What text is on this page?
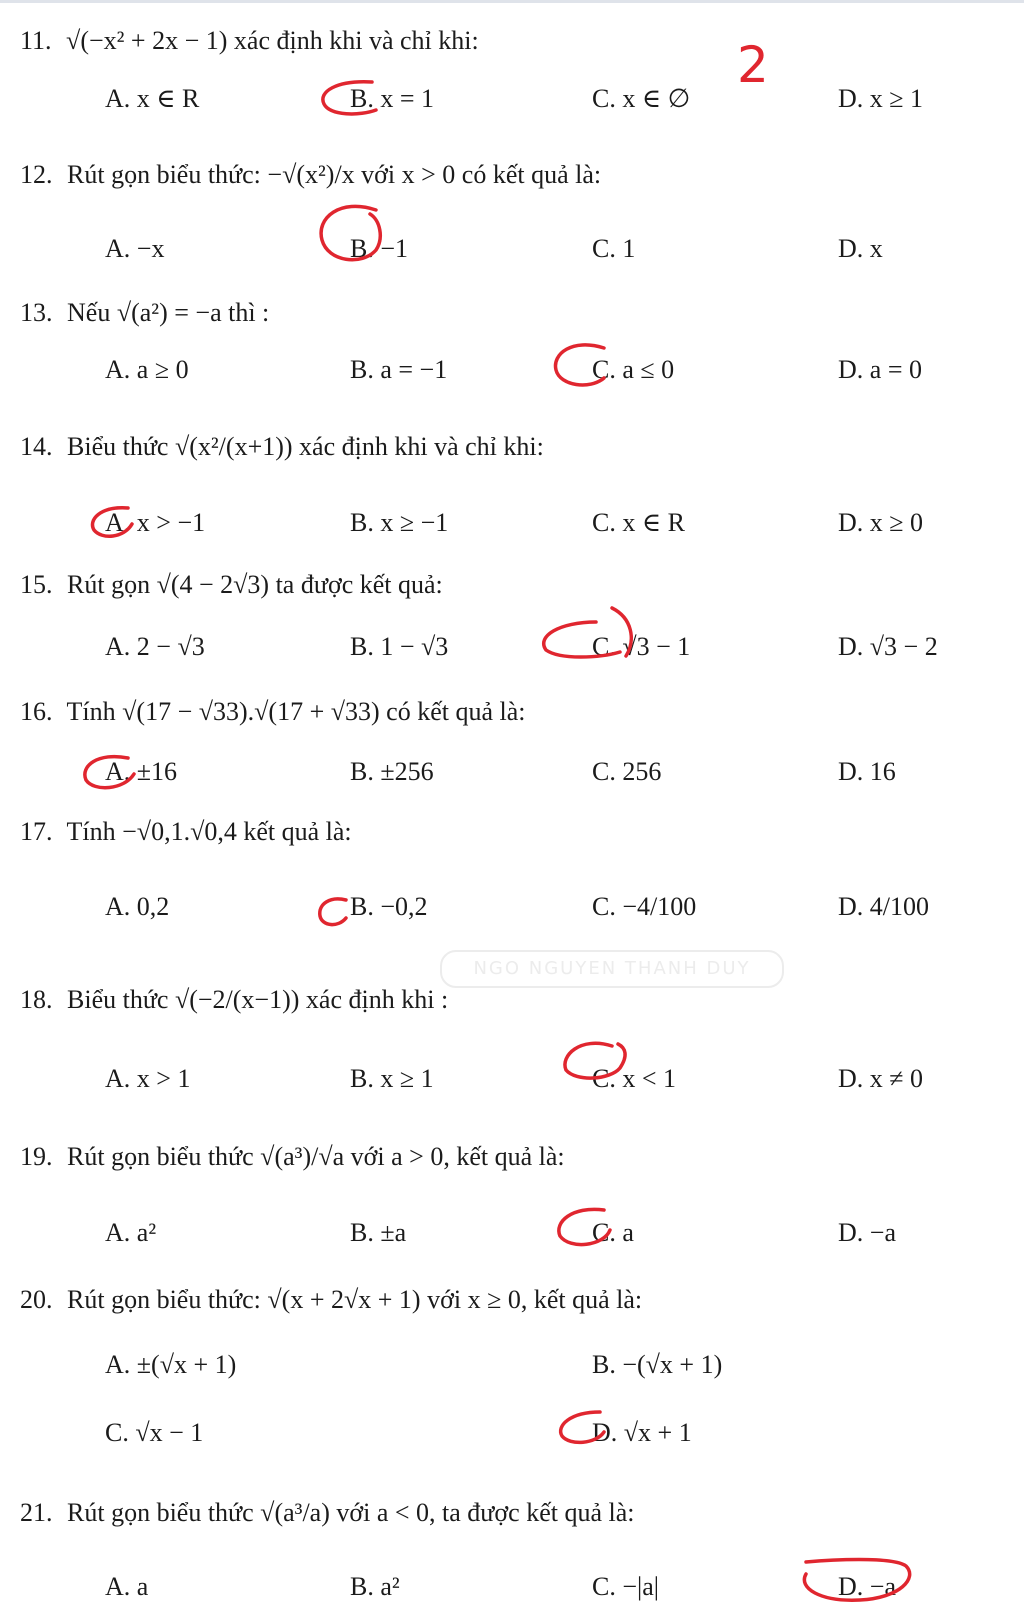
2
NGO NGUYEN THANH DUY
11. √(−x² + 2x − 1) xác định khi và chỉ khi:
A. x ∈ R	B. x = 1	C. x ∈ ∅	D. x ≥ 1
12. Rút gọn biểu thức: −√(x²)/x với x > 0 có kết quả là:
A. −x	B. −1	C. 1	D. x
13. Nếu √(a²) = −a thì :
A. a ≥ 0	B. a = −1	C. a ≤ 0	D. a = 0
14. Biểu thức √(x²/(x+1)) xác định khi và chỉ khi:
A. x > −1	B. x ≥ −1	C. x ∈ R	D. x ≥ 0
15. Rút gọn √(4 − 2√3) ta được kết quả:
A. 2 − √3	B. 1 − √3	C. √3 − 1	D. √3 − 2
16. Tính √(17 − √33).√(17 + √33) có kết quả là:
A. ±16	B. ±256	C. 256	D. 16
17. Tính −√0,1.√0,4 kết quả là:
A. 0,2	B. −0,2	C. −4/100	D. 4/100
18. Biểu thức √(−2/(x−1)) xác định khi :
A. x > 1	B. x ≥ 1	C. x < 1	D. x ≠ 0
19. Rút gọn biểu thức √(a³)/√a với a > 0, kết quả là:
A. a²	B. ±a	C. a	D. −a
20. Rút gọn biểu thức: √(x + 2√x + 1) với x ≥ 0, kết quả là:
A. ±(√x + 1)	B. −(√x + 1)
C. √x − 1	D. √x + 1
21. Rút gọn biểu thức √(a³/a) với a < 0, ta được kết quả là:
A. a	B. a²	C. −|a|	D. −a
